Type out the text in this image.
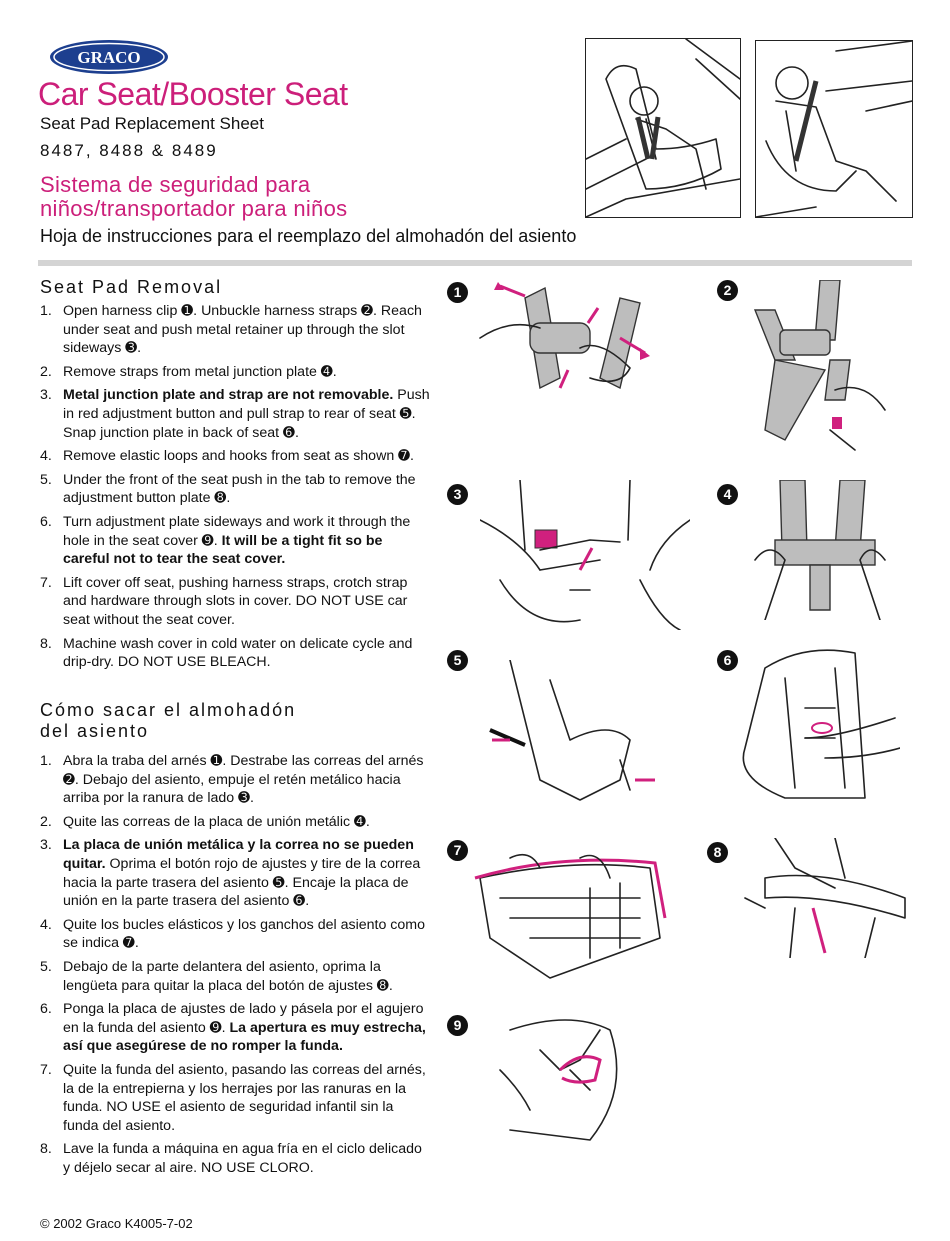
GRACO
Car Seat/Booster Seat
Seat Pad Replacement Sheet
8487, 8488 & 8489
Sistema de seguridad para
niños/transportador para niños
Hoja de instrucciones para el reemplazo del almohadón del asiento
Seat Pad Removal
1. Open harness clip ➊. Unbuckle harness straps ➋. Reach under seat and push metal retainer up through the slot sideways ➌.
2. Remove straps from metal junction plate ➍.
3. Metal junction plate and strap are not removable. Push in red adjustment button and pull strap to rear of seat ➎. Snap junction plate in back of seat ➏.
4. Remove elastic loops and hooks from seat as shown ➐.
5. Under the front of the seat push in the tab to remove the adjustment button plate ➑.
6. Turn adjustment plate sideways and work it through the hole in the seat cover ➒. It will be a tight fit so be careful not to tear the seat cover.
7. Lift cover off seat, pushing harness straps, crotch strap and hardware through slots in cover. DO NOT USE car seat without the seat cover.
8. Machine wash cover in cold water on delicate cycle and drip-dry. DO NOT USE BLEACH.
Cómo sacar el almohadón
del asiento
1. Abra la traba del arnés ➊. Destrabe las correas del arnés ➋. Debajo del asiento, empuje el retén metálico hacia arriba por la ranura de lado ➌.
2. Quite las correas de la placa de unión metálic ➍.
3. La placa de unión metálica y la correa no se pueden quitar. Oprima el botón rojo de ajustes y tire de la correa hacia la parte trasera del asiento ➎. Encaje la placa de unión en la parte trasera del asiento ➏.
4. Quite los bucles elásticos y los ganchos del asiento como se indica ➐.
5. Debajo de la parte delantera del asiento, oprima la lengüeta para quitar la placa del botón de ajustes ➑.
6. Ponga la placa de ajustes de lado y pásela por el agujero en la funda del asiento ➒. La apertura es muy estrecha, así que asegúrese de no romper la funda.
7. Quite la funda del asiento, pasando las correas del arnés, la de la entrepierna y los herrajes por las ranuras en la funda. NO USE el asiento de seguridad infantil sin la funda del asiento.
8. Lave la funda a máquina en agua fría en el ciclo delicado y déjelo secar al aire. NO USE CLORO.
1	2
3	4
5	6
7	8
9
© 2002 Graco K4005-7-02
